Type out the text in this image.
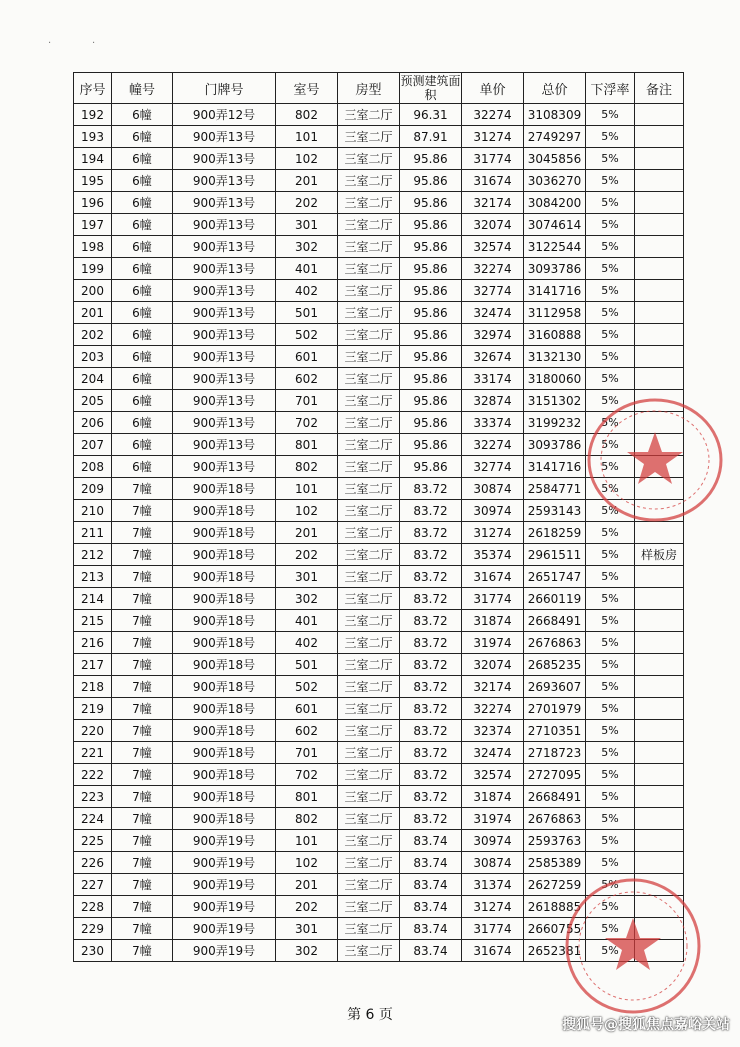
·	·
序号	幢号	门牌号	室号	房型	预测建筑面积	单价	总价	下浮率	备注
192	6幢	900弄12号	802	三室二厅	96.31	32274	3108309	5%	
193	6幢	900弄13号	101	三室二厅	87.91	31274	2749297	5%	
194	6幢	900弄13号	102	三室二厅	95.86	31774	3045856	5%	
195	6幢	900弄13号	201	三室二厅	95.86	31674	3036270	5%	
196	6幢	900弄13号	202	三室二厅	95.86	32174	3084200	5%	
197	6幢	900弄13号	301	三室二厅	95.86	32074	3074614	5%	
198	6幢	900弄13号	302	三室二厅	95.86	32574	3122544	5%	
199	6幢	900弄13号	401	三室二厅	95.86	32274	3093786	5%	
200	6幢	900弄13号	402	三室二厅	95.86	32774	3141716	5%	
201	6幢	900弄13号	501	三室二厅	95.86	32474	3112958	5%	
202	6幢	900弄13号	502	三室二厅	95.86	32974	3160888	5%	
203	6幢	900弄13号	601	三室二厅	95.86	32674	3132130	5%	
204	6幢	900弄13号	602	三室二厅	95.86	33174	3180060	5%	
205	6幢	900弄13号	701	三室二厅	95.86	32874	3151302	5%	
206	6幢	900弄13号	702	三室二厅	95.86	33374	3199232	5%	
207	6幢	900弄13号	801	三室二厅	95.86	32274	3093786	5%	
208	6幢	900弄13号	802	三室二厅	95.86	32774	3141716	5%	
209	7幢	900弄18号	101	三室二厅	83.72	30874	2584771	5%	
210	7幢	900弄18号	102	三室二厅	83.72	30974	2593143	5%	
211	7幢	900弄18号	201	三室二厅	83.72	31274	2618259	5%	
212	7幢	900弄18号	202	三室二厅	83.72	35374	2961511	5%	样板房
213	7幢	900弄18号	301	三室二厅	83.72	31674	2651747	5%	
214	7幢	900弄18号	302	三室二厅	83.72	31774	2660119	5%	
215	7幢	900弄18号	401	三室二厅	83.72	31874	2668491	5%	
216	7幢	900弄18号	402	三室二厅	83.72	31974	2676863	5%	
217	7幢	900弄18号	501	三室二厅	83.72	32074	2685235	5%	
218	7幢	900弄18号	502	三室二厅	83.72	32174	2693607	5%	
219	7幢	900弄18号	601	三室二厅	83.72	32274	2701979	5%	
220	7幢	900弄18号	602	三室二厅	83.72	32374	2710351	5%	
221	7幢	900弄18号	701	三室二厅	83.72	32474	2718723	5%	
222	7幢	900弄18号	702	三室二厅	83.72	32574	2727095	5%	
223	7幢	900弄18号	801	三室二厅	83.72	31874	2668491	5%	
224	7幢	900弄18号	802	三室二厅	83.72	31974	2676863	5%	
225	7幢	900弄19号	101	三室二厅	83.74	30974	2593763	5%	
226	7幢	900弄19号	102	三室二厅	83.74	30874	2585389	5%	
227	7幢	900弄19号	201	三室二厅	83.74	31374	2627259	5%	
228	7幢	900弄19号	202	三室二厅	83.74	31274	2618885	5%	
229	7幢	900弄19号	301	三室二厅	83.74	31774	2660755	5%	
230	7幢	900弄19号	302	三室二厅	83.74	31674	2652381	5%	
第 6 页
搜狐号@搜狐焦点嘉峪关站
